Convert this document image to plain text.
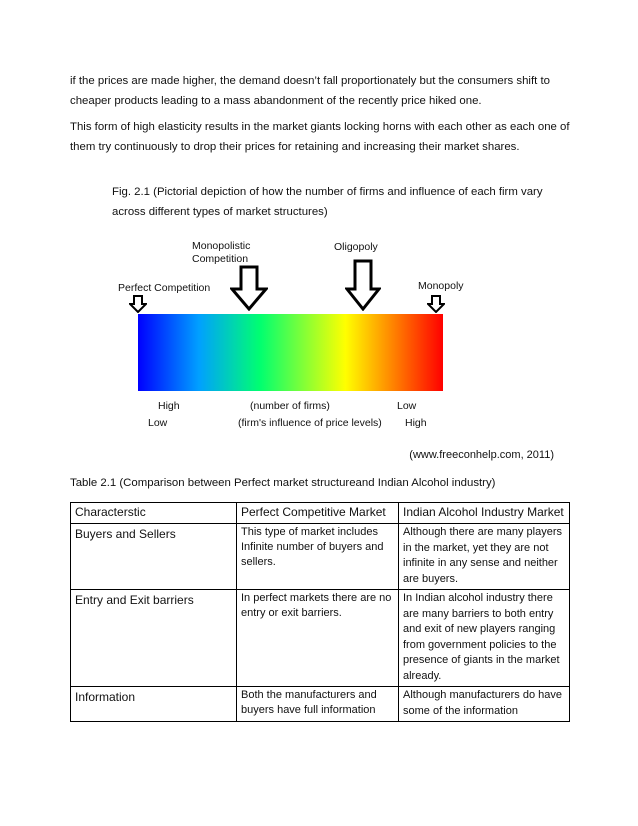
if the prices are made higher, the demand doesn’t fall proportionately but the consumers shift to cheaper products leading to a mass abandonment of the recently price hiked one.
This form of high elasticity results in the market giants locking horns with each other as each one of them try continuously to drop their prices for retaining and increasing their market shares.
Fig. 2.1 (Pictorial depiction of how the number of firms and influence of each firm vary across different types of market structures)
Monopolistic
Competition
Oligopoly
Perfect Competition	Monopoly
High
Low
(number of firms)
(firm's influence of price levels)
Low
High
(www.freeconhelp.com, 2011)
Table 2.1 (Comparison between Perfect market structureand Indian Alcohol industry)
Characterstic	Perfect Competitive Market	Indian Alcohol Industry Market
Buyers and Sellers	This type of market includes Infinite number of buyers and sellers.	Although there are many players in the market, yet they are not infinite in any sense and neither are buyers.
Entry and Exit barriers	In perfect markets there are no entry or exit barriers.	In Indian alcohol industry there are many barriers to both entry and exit of new players ranging from government policies to the presence of giants in the market already.
Information	Both the manufacturers and buyers have full information	Although manufacturers do have some of the information
